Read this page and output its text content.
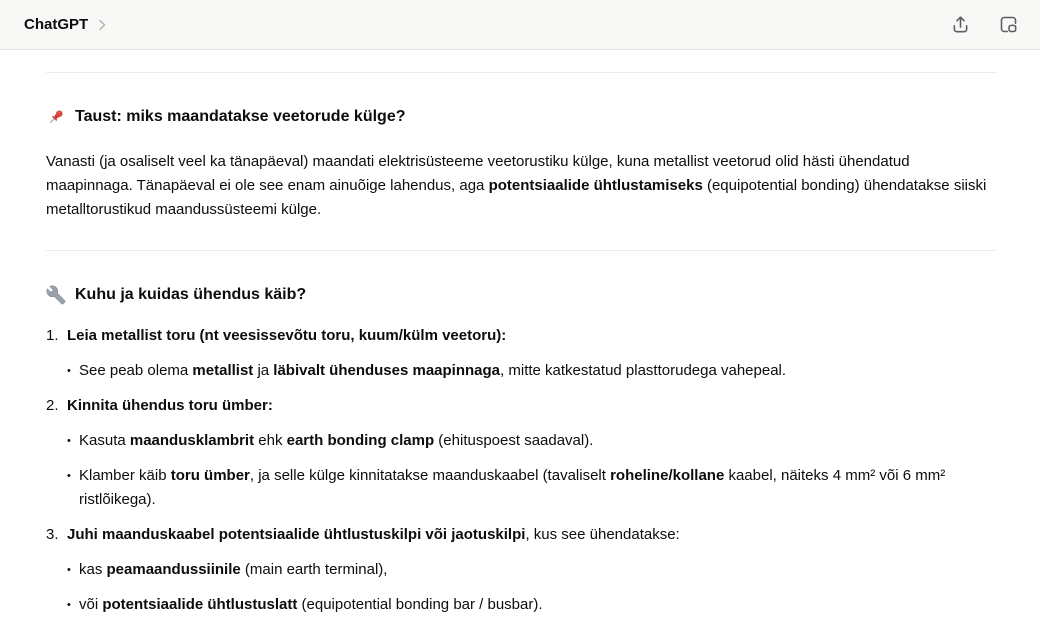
ChatGPT
Taust: miks maandatakse veetorude külge?

Vanasti (ja osaliselt veel ka tänapäeval) maandati elektrisüsteeme veetorustiku külge, kuna metallist veetorud olid hästi ühendatud maapinnaga. Tänapäeval ei ole see enam ainuõige lahendus, aga potentsiaalide ühtlustamiseks (equipotential bonding) ühendatakse siiski metalltorustikud maandussüsteemi külge.

Kuhu ja kuidas ühendus käib?
1. Leia metallist toru (nt veesissevõtu toru, kuum/külm veetoru):
• See peab olema metallist ja läbivalt ühenduses maapinnaga, mitte katkestatud plasttorudega vahepeal.
2. Kinnita ühendus toru ümber:
• Kasuta maandusklambrit ehk earth bonding clamp (ehituspoest saadaval).
• Klamber käib toru ümber, ja selle külge kinnitatakse maanduskaabel (tavaliselt roheline/kollane kaabel, näiteks 4 mm² või 6 mm² ristlõikega).
3. Juhi maanduskaabel potentsiaalide ühtlustuskilpi või jaotuskilpi, kus see ühendatakse:
• kas peamaandussiinile (main earth terminal),
• või potentsiaalide ühtlustuslatt (equipotential bonding bar / busbar).
